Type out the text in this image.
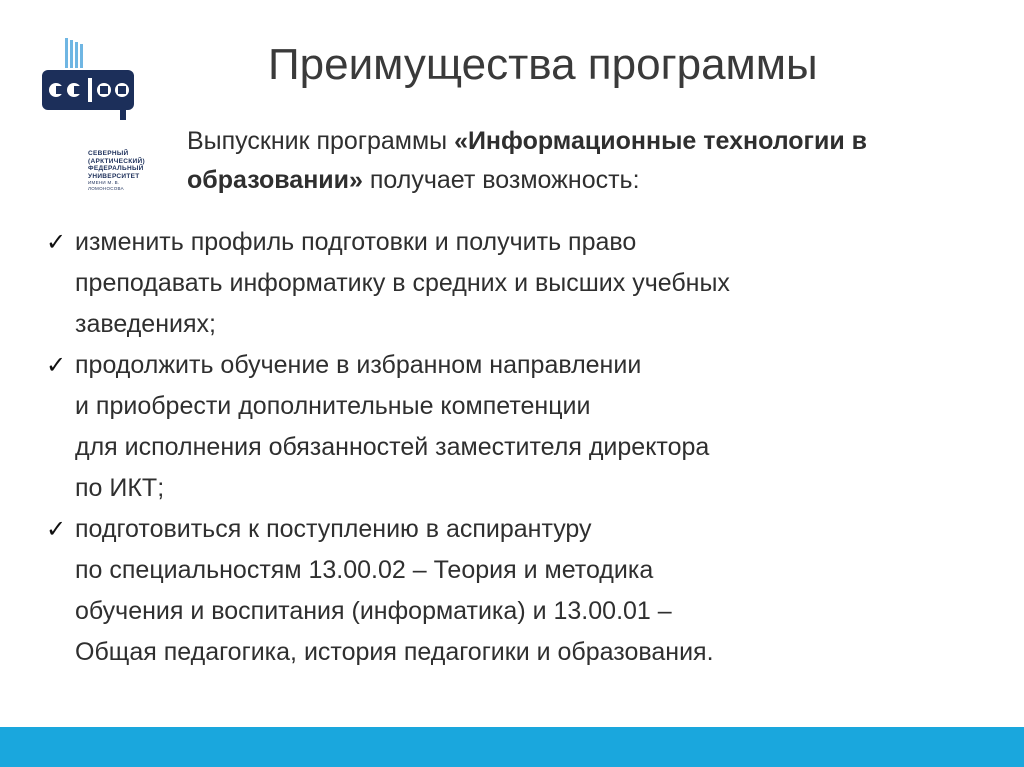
СЕВЕРНЫЙ
(АРКТИЧЕСКИЙ)
ФЕДЕРАЛЬНЫЙ
УНИВЕРСИТЕТ
ИМЕНИ М. В. ЛОМОНОСОВА
Преимущества программы
Выпускник программы «Информационные технологии в образовании» получает возможность:
✓ изменить профиль подготовки и получить право
преподавать информатику в средних и высших учебных
заведениях;
✓ продолжить обучение в избранном направлении
и приобрести дополнительные компетенции
для исполнения обязанностей заместителя директора
по ИКТ;
✓ подготовиться к поступлению в аспирантуру
по специальностям 13.00.02 – Теория и методика
обучения и воспитания (информатика) и 13.00.01 –
Общая педагогика, история педагогики и образования.
